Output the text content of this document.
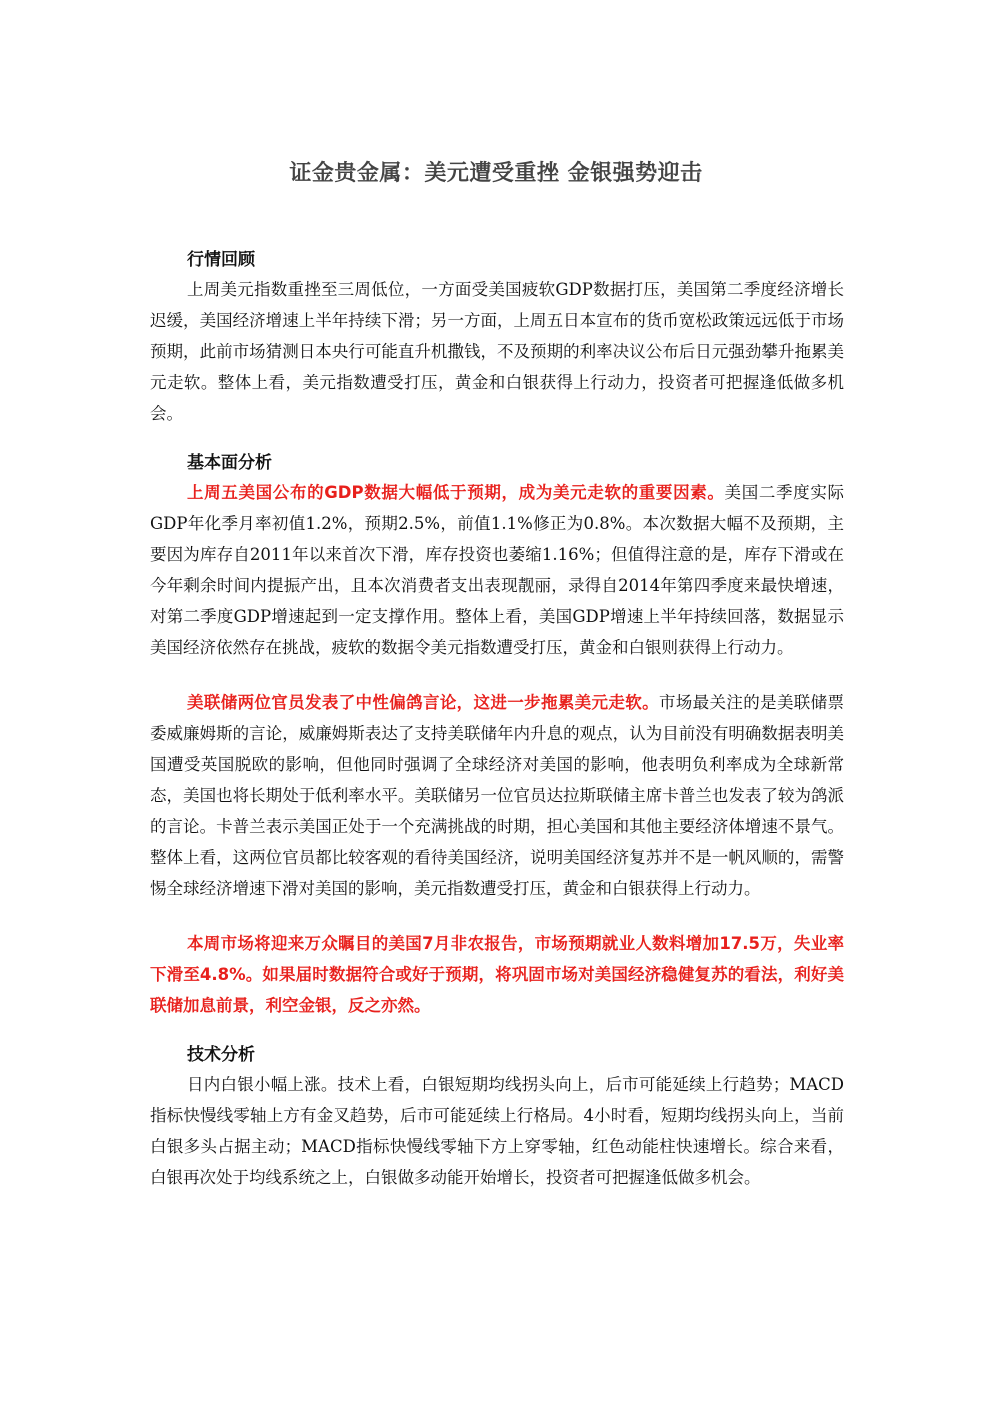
证金贵金属：美元遭受重挫 金银强势迎击
行情回顾

上周美元指数重挫至三周低位，一方面受美国疲软GDP数据打压，美国第二季度经济增长迟缓，美国经济增速上半年持续下滑；另一方面，上周五日本宣布的货币宽松政策远远低于市场预期，此前市场猜测日本央行可能直升机撒钱，不及预期的利率决议公布后日元强劲攀升拖累美元走软。整体上看，美元指数遭受打压，黄金和白银获得上行动力，投资者可把握逢低做多机会。

基本面分析

上周五美国公布的GDP数据大幅低于预期，成为美元走软的重要因素。美国二季度实际GDP年化季月率初值1.2%，预期2.5%，前值1.1%修正为0.8%。本次数据大幅不及预期，主要因为库存自2011年以来首次下滑，库存投资也萎缩1.16%；但值得注意的是，库存下滑或在今年剩余时间内提振产出，且本次消费者支出表现靓丽，录得自2014年第四季度来最快增速，对第二季度GDP增速起到一定支撑作用。整体上看，美国GDP增速上半年持续回落，数据显示美国经济依然存在挑战，疲软的数据令美元指数遭受打压，黄金和白银则获得上行动力。

美联储两位官员发表了中性偏鸽言论，这进一步拖累美元走软。市场最关注的是美联储票委威廉姆斯的言论，威廉姆斯表达了支持美联储年内升息的观点，认为目前没有明确数据表明美国遭受英国脱欧的影响，但他同时强调了全球经济对美国的影响，他表明负利率成为全球新常态，美国也将长期处于低利率水平。美联储另一位官员达拉斯联储主席卡普兰也发表了较为鸽派的言论。卡普兰表示美国正处于一个充满挑战的时期，担心美国和其他主要经济体增速不景气。整体上看，这两位官员都比较客观的看待美国经济，说明美国经济复苏并不是一帆风顺的，需警惕全球经济增速下滑对美国的影响，美元指数遭受打压，黄金和白银获得上行动力。

本周市场将迎来万众瞩目的美国7月非农报告，市场预期就业人数料增加17.5万，失业率下滑至4.8%。如果届时数据符合或好于预期，将巩固市场对美国经济稳健复苏的看法，利好美联储加息前景，利空金银，反之亦然。

技术分析

日内白银小幅上涨。技术上看，白银短期均线拐头向上，后市可能延续上行趋势；MACD指标快慢线零轴上方有金叉趋势，后市可能延续上行格局。4小时看，短期均线拐头向上，当前白银多头占据主动；MACD指标快慢线零轴下方上穿零轴，红色动能柱快速增长。综合来看，白银再次处于均线系统之上，白银做多动能开始增长，投资者可把握逢低做多机会。
